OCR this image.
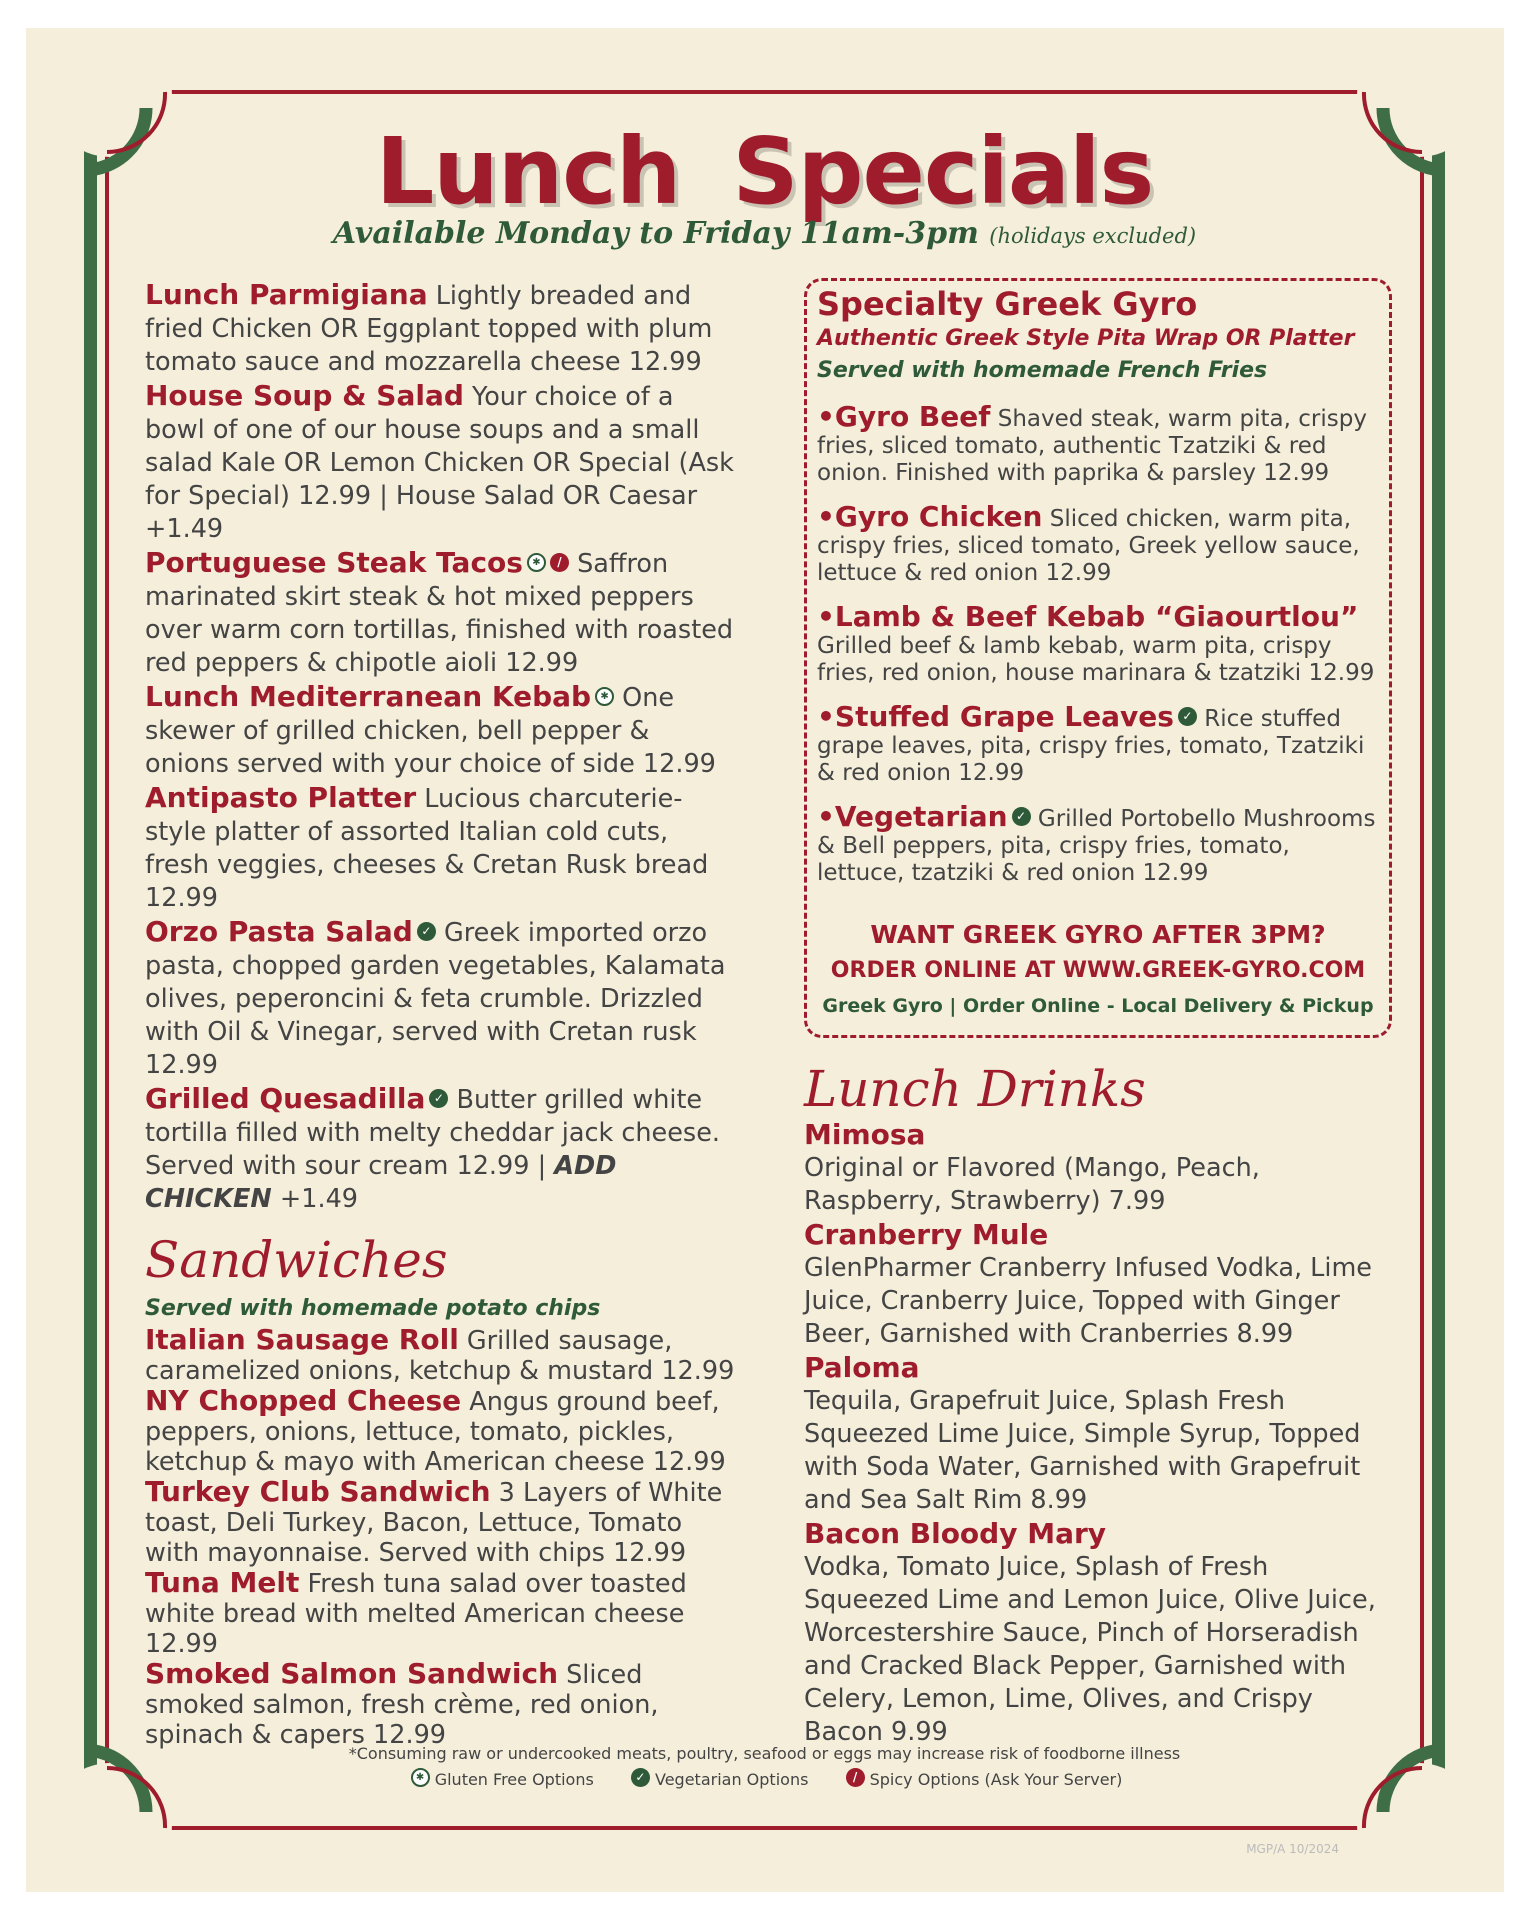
Lunch Specials
Available Monday to Friday 11am-3pm (holidays excluded)
Lunch Parmigiana Lightly breaded and fried Chicken OR Eggplant topped with plum tomato sauce and mozzarella cheese 12.99
House Soup & Salad Your choice of a bowl of one of our house soups and a small salad Kale OR Lemon Chicken OR Special (Ask for Special) 12.99 | House Salad OR Caesar +1.49
Portuguese Steak Tacos ✱ / Saffron marinated skirt steak & hot mixed peppers over warm corn tortillas, finished with roasted red peppers & chipotle aioli 12.99
Lunch Mediterranean Kebab ✱ One skewer of grilled chicken, bell pepper & onions served with your choice of side 12.99
Antipasto Platter Lucious charcuterie-style platter of assorted Italian cold cuts, fresh veggies, cheeses & Cretan Rusk bread 12.99
Orzo Pasta Salad ✓ Greek imported orzo pasta, chopped garden vegetables, Kalamata olives, peperoncini & feta crumble. Drizzled with Oil & Vinegar, served with Cretan rusk 12.99
Grilled Quesadilla ✓ Butter grilled white tortilla filled with melty cheddar jack cheese. Served with sour cream 12.99 | ADD CHICKEN +1.49
Sandwiches
Served with homemade potato chips
Italian Sausage Roll Grilled sausage, caramelized onions, ketchup & mustard 12.99
NY Chopped Cheese Angus ground beef, peppers, onions, lettuce, tomato, pickles, ketchup & mayo with American cheese 12.99
Turkey Club Sandwich 3 Layers of White toast, Deli Turkey, Bacon, Lettuce, Tomato with mayonnaise. Served with chips 12.99
Tuna Melt Fresh tuna salad over toasted white bread with melted American cheese 12.99
Smoked Salmon Sandwich Sliced smoked salmon, fresh crème, red onion, spinach & capers 12.99
Specialty Greek Gyro
Authentic Greek Style Pita Wrap OR Platter
Served with homemade French Fries
•Gyro Beef Shaved steak, warm pita, crispy fries, sliced tomato, authentic Tzatziki & red onion. Finished with paprika & parsley 12.99
•Gyro Chicken Sliced chicken, warm pita, crispy fries, sliced tomato, Greek yellow sauce, lettuce & red onion 12.99
•Lamb & Beef Kebab “Giaourtlou” Grilled beef & lamb kebab, warm pita, crispy fries, red onion, house marinara & tzatziki 12.99
•Stuffed Grape Leaves ✓ Rice stuffed grape leaves, pita, crispy fries, tomato, Tzatziki & red onion 12.99
•Vegetarian ✓ Grilled Portobello Mushrooms & Bell peppers, pita, crispy fries, tomato, lettuce, tzatziki & red onion 12.99
WANT GREEK GYRO AFTER 3PM?
ORDER ONLINE AT WWW.GREEK-GYRO.COM
Greek Gyro | Order Online - Local Delivery & Pickup
Lunch Drinks
Mimosa
Original or Flavored (Mango, Peach, Raspberry, Strawberry) 7.99
Cranberry Mule
GlenPharmer Cranberry Infused Vodka, Lime Juice, Cranberry Juice, Topped with Ginger Beer, Garnished with Cranberries 8.99
Paloma
Tequila, Grapefruit Juice, Splash Fresh Squeezed Lime Juice, Simple Syrup, Topped with Soda Water, Garnished with Grapefruit and Sea Salt Rim 8.99
Bacon Bloody Mary
Vodka, Tomato Juice, Splash of Fresh Squeezed Lime and Lemon Juice, Olive Juice, Worcestershire Sauce, Pinch of Horseradish and Cracked Black Pepper, Garnished with Celery, Lemon, Lime, Olives, and Crispy Bacon 9.99
*Consuming raw or undercooked meats, poultry, seafood or eggs may increase risk of foodborne illness
✱ Gluten Free Options	✓ Vegetarian Options	/ Spicy Options (Ask Your Server)
MGP/A 10/2024
